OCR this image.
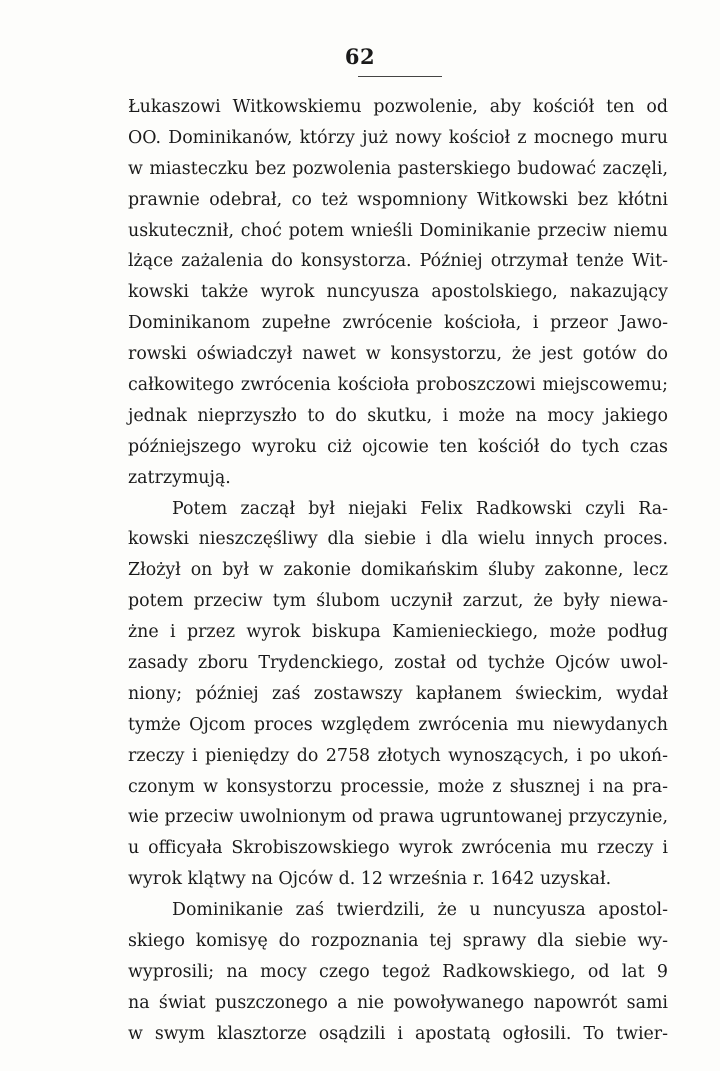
62
Łukaszowi Witkowskiemu pozwolenie, aby kościół ten od
OO. Dominikanów, którzy już nowy kościoł z mocnego muru
w miasteczku bez pozwolenia pasterskiego budować zaczęli,
prawnie odebrał, co też wspomniony Witkowski bez kłótni
uskutecznił, choć potem wnieśli Dominikanie przeciw niemu
lżące zażalenia do konsystorza. Później otrzymał tenże Wit-
kowski także wyrok nuncyusza apostolskiego, nakazujący
Dominikanom zupełne zwrócenie kościoła, i przeor Jawo-
rowski oświadczył nawet w konsystorzu, że jest gotów do
całkowitego zwrócenia kościoła proboszczowi miejscowemu;
jednak nieprzyszło to do skutku, i może na mocy jakiego
późniejszego wyroku ciż ojcowie ten kościół do tych czas
zatrzymują.
Potem zaczął był niejaki Felix Radkowski czyli Ra-
kowski nieszczęśliwy dla siebie i dla wielu innych proces.
Złożył on był w zakonie domikańskim śluby zakonne, lecz
potem przeciw tym ślubom uczynił zarzut, że były niewa-
żne i przez wyrok biskupa Kamienieckiego, może podług
zasady zboru Trydenckiego, został od tychże Ojców uwol-
niony; później zaś zostawszy kapłanem świeckim, wydał
tymże Ojcom proces względem zwrócenia mu niewydanych
rzeczy i pieniędzy do 2758 złotych wynoszących, i po ukoń-
czonym w konsystorzu processie, może z słusznej i na pra-
wie przeciw uwolnionym od prawa ugruntowanej przyczynie,
u officyała Skrobiszowskiego wyrok zwrócenia mu rzeczy i
wyrok klątwy na Ojców d. 12 września r. 1642 uzyskał.
Dominikanie zaś twierdzili, że u nuncyusza apostol-
skiego komisyę do rozpoznania tej sprawy dla siebie wy-
wyprosili; na mocy czego tegoż Radkowskiego, od lat 9
na świat puszczonego a nie powoływanego napowrót sami
w swym klasztorze osądzili i apostatą ogłosili. To twier-
